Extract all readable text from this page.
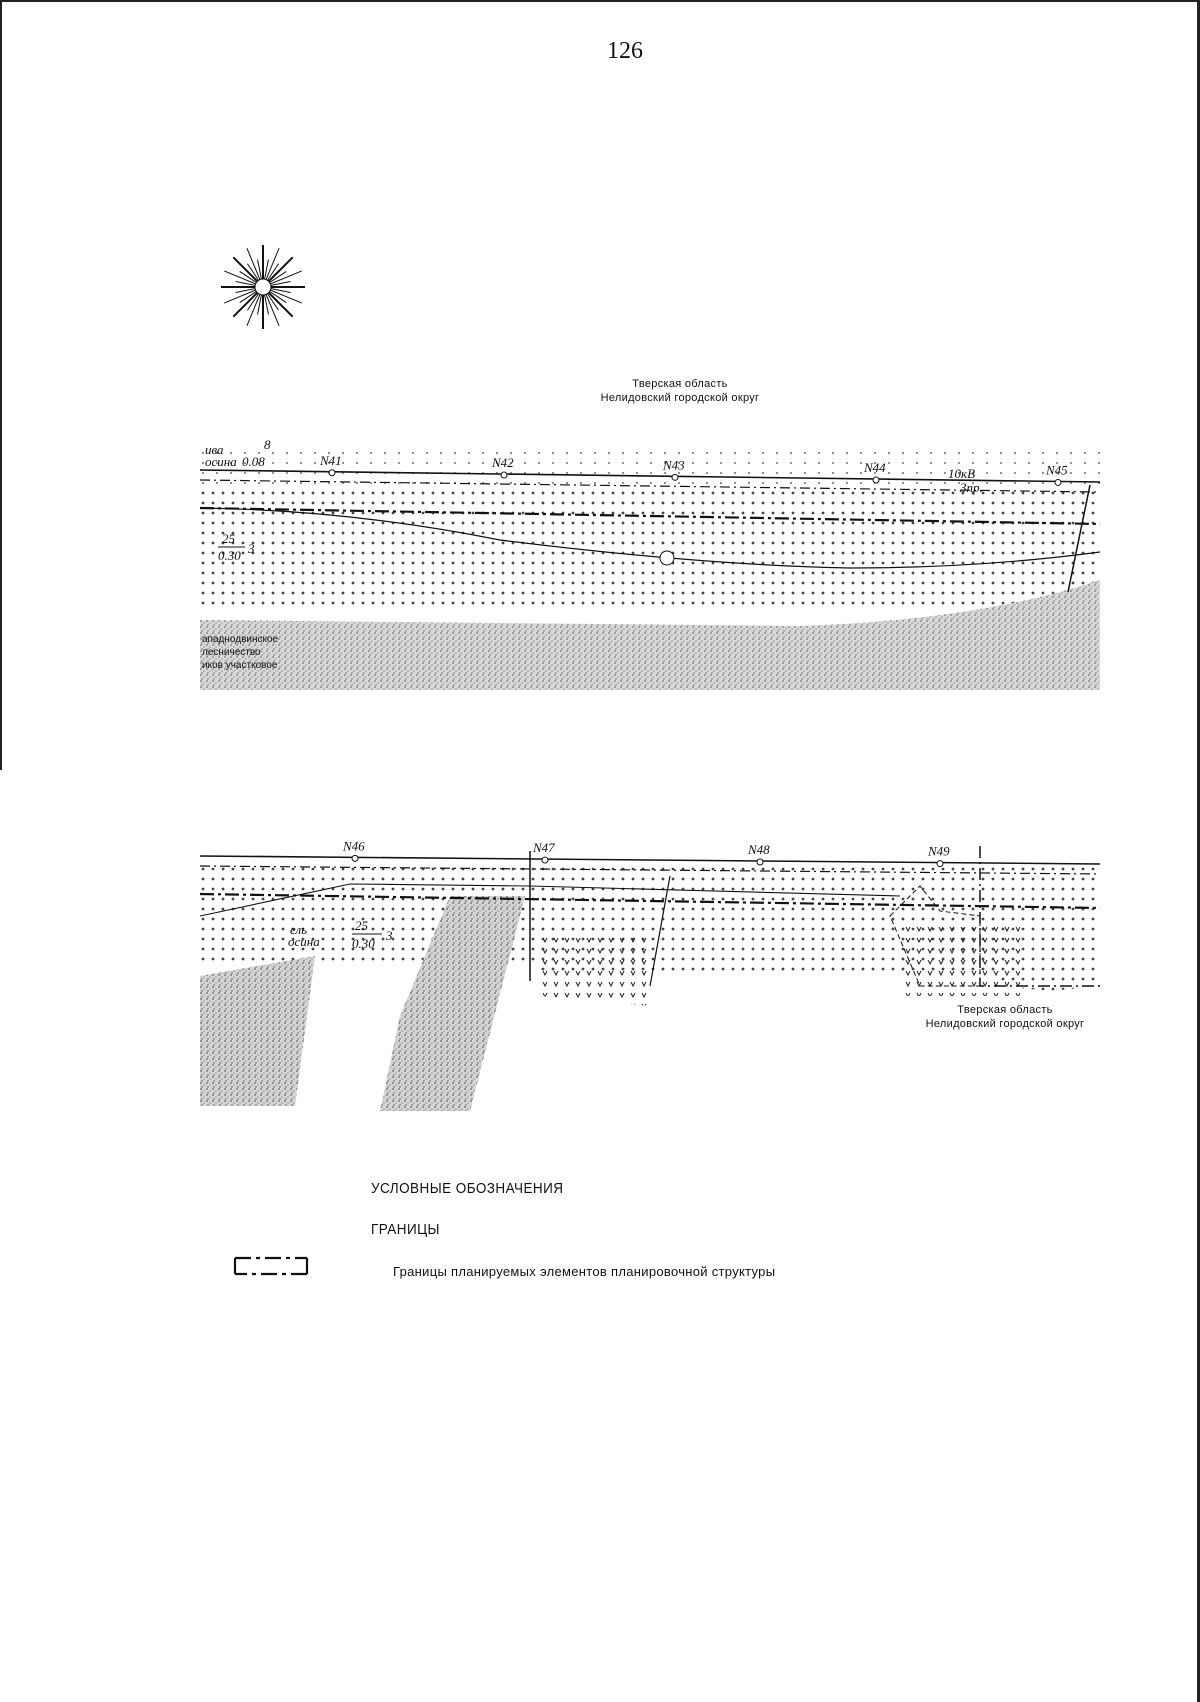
126
Тверская область
Нелидовский городской округ
N41	N42	N43	N44	N45
ива
осина
8
0.08
10кВ
3пр.
25
0.30 3
ападнодвинское
лесничество
иков участковое
N46	N47	N48	N49
ель
осина
25
0.30
3
Тверская область
Нелидовский городской округ
УСЛОВНЫЕ ОБОЗНАЧЕНИЯ
ГРАНИЦЫ
Границы планируемых элементов планировочной структуры
